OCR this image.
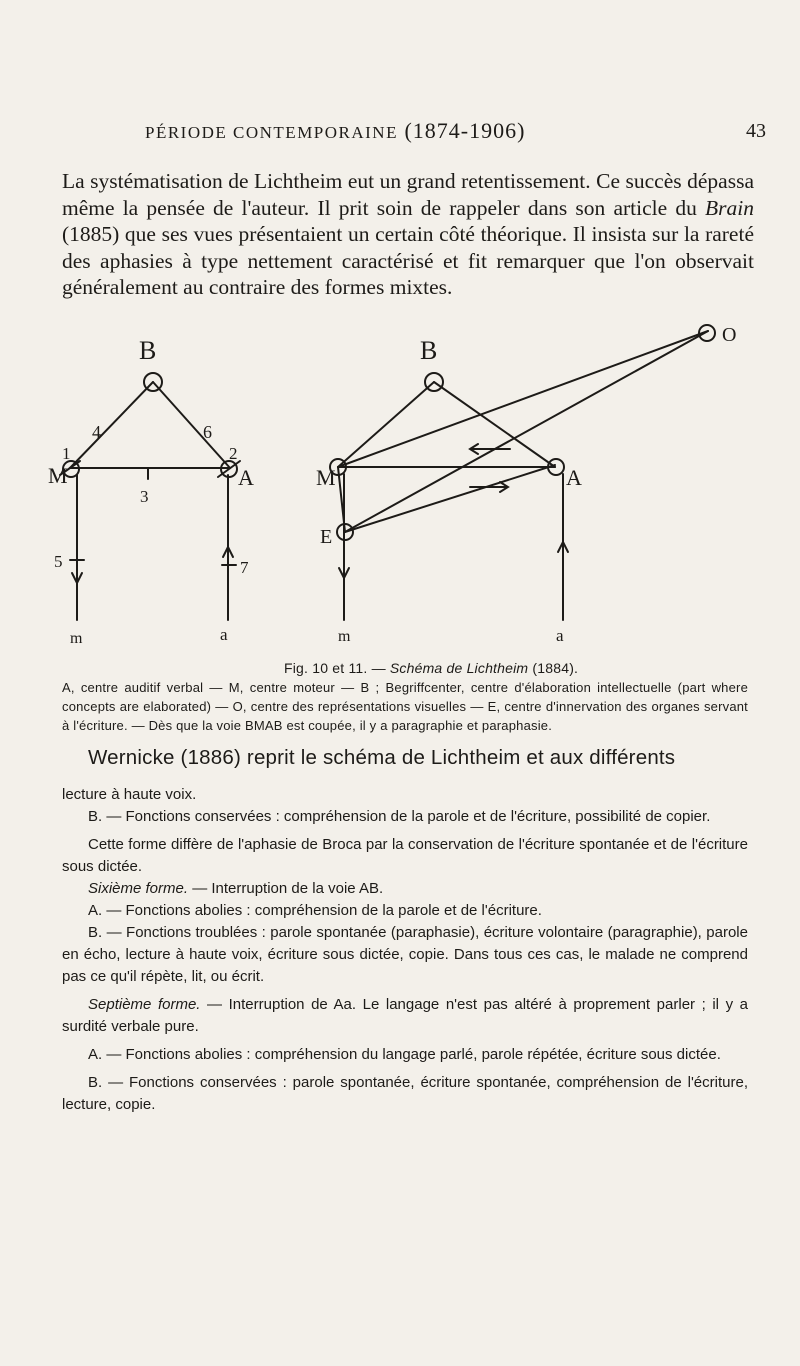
PÉRIODE CONTEMPORAINE (1874-1906)	43
La systématisation de Lichtheim eut un grand retentissement. Ce succès dépassa même la pensée de l'auteur. Il prit soin de rappeler dans son article du Brain (1885) que ses vues présentaient un certain côté théorique. Il insista sur la rareté des aphasies à type nettement caractérisé et fit remarquer que l'on observait généralement au contraire des formes mixtes.
B
4	6
1
M
2
A
3
5	7
m	a
B
O
M	A
E
m	a
Fig. 10 et 11. — Schéma de Lichtheim (1884).
A, centre auditif verbal — M, centre moteur — B ; Begriffcenter, centre d'élaboration intellectuelle (part where concepts are elaborated) — O, centre des représentations visuelles — E, centre d'innervation des organes servant à l'écriture. — Dès que la voie BMAB est coupée, il y a paragraphie et paraphasie.

Wernicke (1886) reprit le schéma de Lichtheim et aux différents

lecture à haute voix.

B. — Fonctions conservées : compréhension de la parole et de l'écriture, possibilité de copier.

Cette forme diffère de l'aphasie de Broca par la conservation de l'écriture spontanée et de l'écriture sous dictée.

Sixième forme. — Interruption de la voie AB.

A. — Fonctions abolies : compréhension de la parole et de l'écriture.

B. — Fonctions troublées : parole spontanée (paraphasie), écriture volontaire (paragraphie), parole en écho, lecture à haute voix, écriture sous dictée, copie. Dans tous ces cas, le malade ne comprend pas ce qu'il répète, lit, ou écrit.

Septième forme. — Interruption de Aa. Le langage n'est pas altéré à proprement parler ; il y a surdité verbale pure.

A. — Fonctions abolies : compréhension du langage parlé, parole répétée, écriture sous dictée.

B. — Fonctions conservées : parole spontanée, écriture spontanée, compréhension de l'écriture, lecture, copie.
